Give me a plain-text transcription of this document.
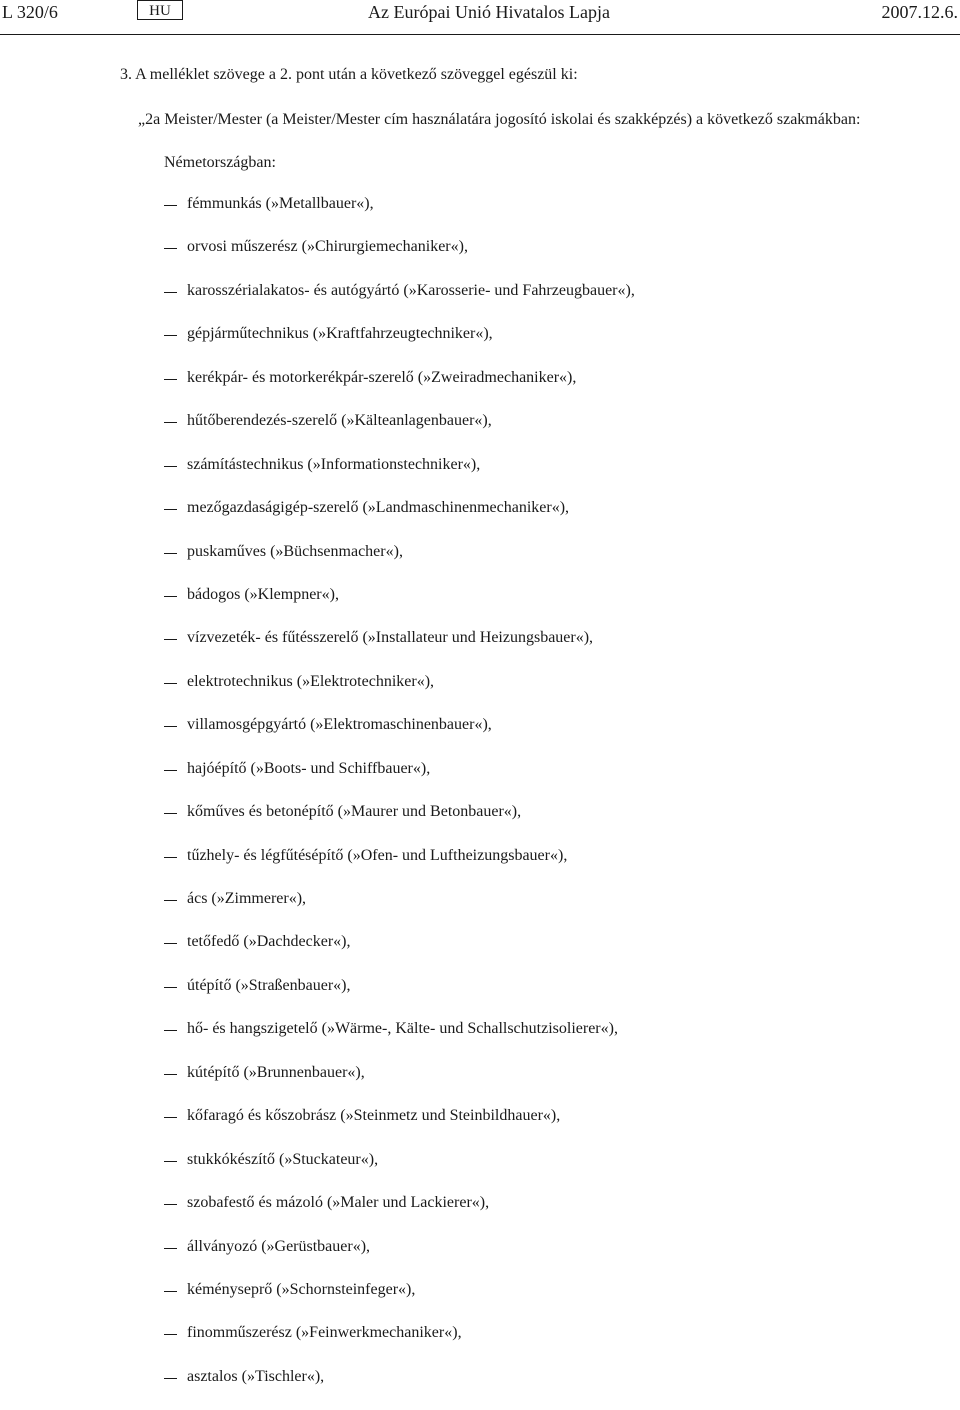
L 320/6	HU	Az Európai Unió Hivatalos Lapja	2007.12.6.
3. A melléklet szövege a 2. pont után a következő szöveggel egészül ki:
„2a Meister/Mester (a Meister/Mester cím használatára jogosító iskolai és szakképzés) a következő szakmákban:
Németországban:
fémmunkás (»Metallbauer«),
orvosi műszerész (»Chirurgiemechaniker«),
karosszérialakatos- és autógyártó (»Karosserie- und Fahrzeugbauer«),
gépjárműtechnikus (»Kraftfahrzeugtechniker«),
kerékpár- és motorkerékpár-szerelő (»Zweiradmechaniker«),
hűtőberendezés-szerelő (»Kälteanlagenbauer«),
számítástechnikus (»Informationstechniker«),
mezőgazdaságigép-szerelő (»Landmaschinenmechaniker«),
puskaműves (»Büchsenmacher«),
bádogos (»Klempner«),
vízvezeték- és fűtésszerelő (»Installateur und Heizungsbauer«),
elektrotechnikus (»Elektrotechniker«),
villamosgépgyártó (»Elektromaschinenbauer«),
hajóépítő (»Boots- und Schiffbauer«),
kőműves és betonépítő (»Maurer und Betonbauer«),
tűzhely- és légfűtésépítő (»Ofen- und Luftheizungsbauer«),
ács (»Zimmerer«),
tetőfedő (»Dachdecker«),
útépítő (»Straßenbauer«),
hő- és hangszigetelő (»Wärme-, Kälte- und Schallschutzisolierer«),
kútépítő (»Brunnenbauer«),
kőfaragó és kőszobrász (»Steinmetz und Steinbildhauer«),
stukkókészítő (»Stuckateur«),
szobafestő és mázoló (»Maler und Lackierer«),
állványozó (»Gerüstbauer«),
kéményseprő (»Schornsteinfeger«),
finomműszerész (»Feinwerkmechaniker«),
asztalos (»Tischler«),
